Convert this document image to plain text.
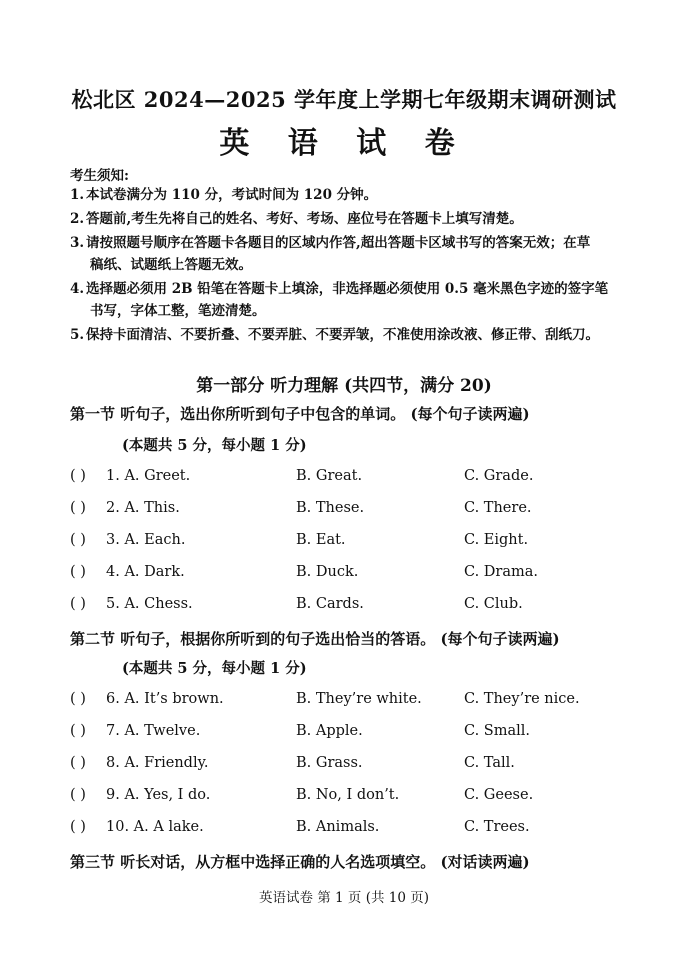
松北区 2024—2025 学年度上学期七年级期末调研测试
英 语 试 卷
考生须知:
1. 本试卷满分为 110 分，考试时间为 120 分钟。
2. 答题前,考生先将自己的姓名、考好、考场、座位号在答题卡上填写清楚。
3. 请按照题号顺序在答题卡各题目的区域内作答,超出答题卡区域书写的答案无效；在草
稿纸、试题纸上答题无效。
4. 选择题必须用 2B 铅笔在答题卡上填涂，非选择题必须使用 0.5 毫米黑色字迹的签字笔
书写，字体工整，笔迹清楚。
5. 保持卡面清洁、不要折叠、不要弄脏、不要弄皱，不准使用涂改液、修正带、刮纸刀。
第一部分 听力理解 (共四节，满分 20)
第一节 听句子，选出你所听到句子中包含的单词。 (每个句子读两遍)
(本题共 5 分，每小题 1 分)
( ) 1. A. Greet.	B. Great.	C. Grade.
( ) 2. A. This.	B. These.	C. There.
( ) 3. A. Each.	B. Eat.	C. Eight.
( ) 4. A. Dark.	B. Duck.	C. Drama.
( ) 5. A. Chess.	B. Cards.	C. Club.
第二节 听句子，根据你所听到的句子选出恰当的答语。 (每个句子读两遍)
(本题共 5 分，每小题 1 分)
( ) 6. A. It’s brown.	B. They’re white.	C. They’re nice.
( ) 7. A. Twelve.	B. Apple.	C. Small.
( ) 8. A. Friendly.	B. Grass.	C. Tall.
( ) 9. A. Yes, I do.	B. No, I don’t.	C. Geese.
( ) 10. A. A lake.	B. Animals.	C. Trees.
第三节 听长对话，从方框中选择正确的人名选项填空。 (对话读两遍)
英语试卷 第 1 页 (共 10 页)
